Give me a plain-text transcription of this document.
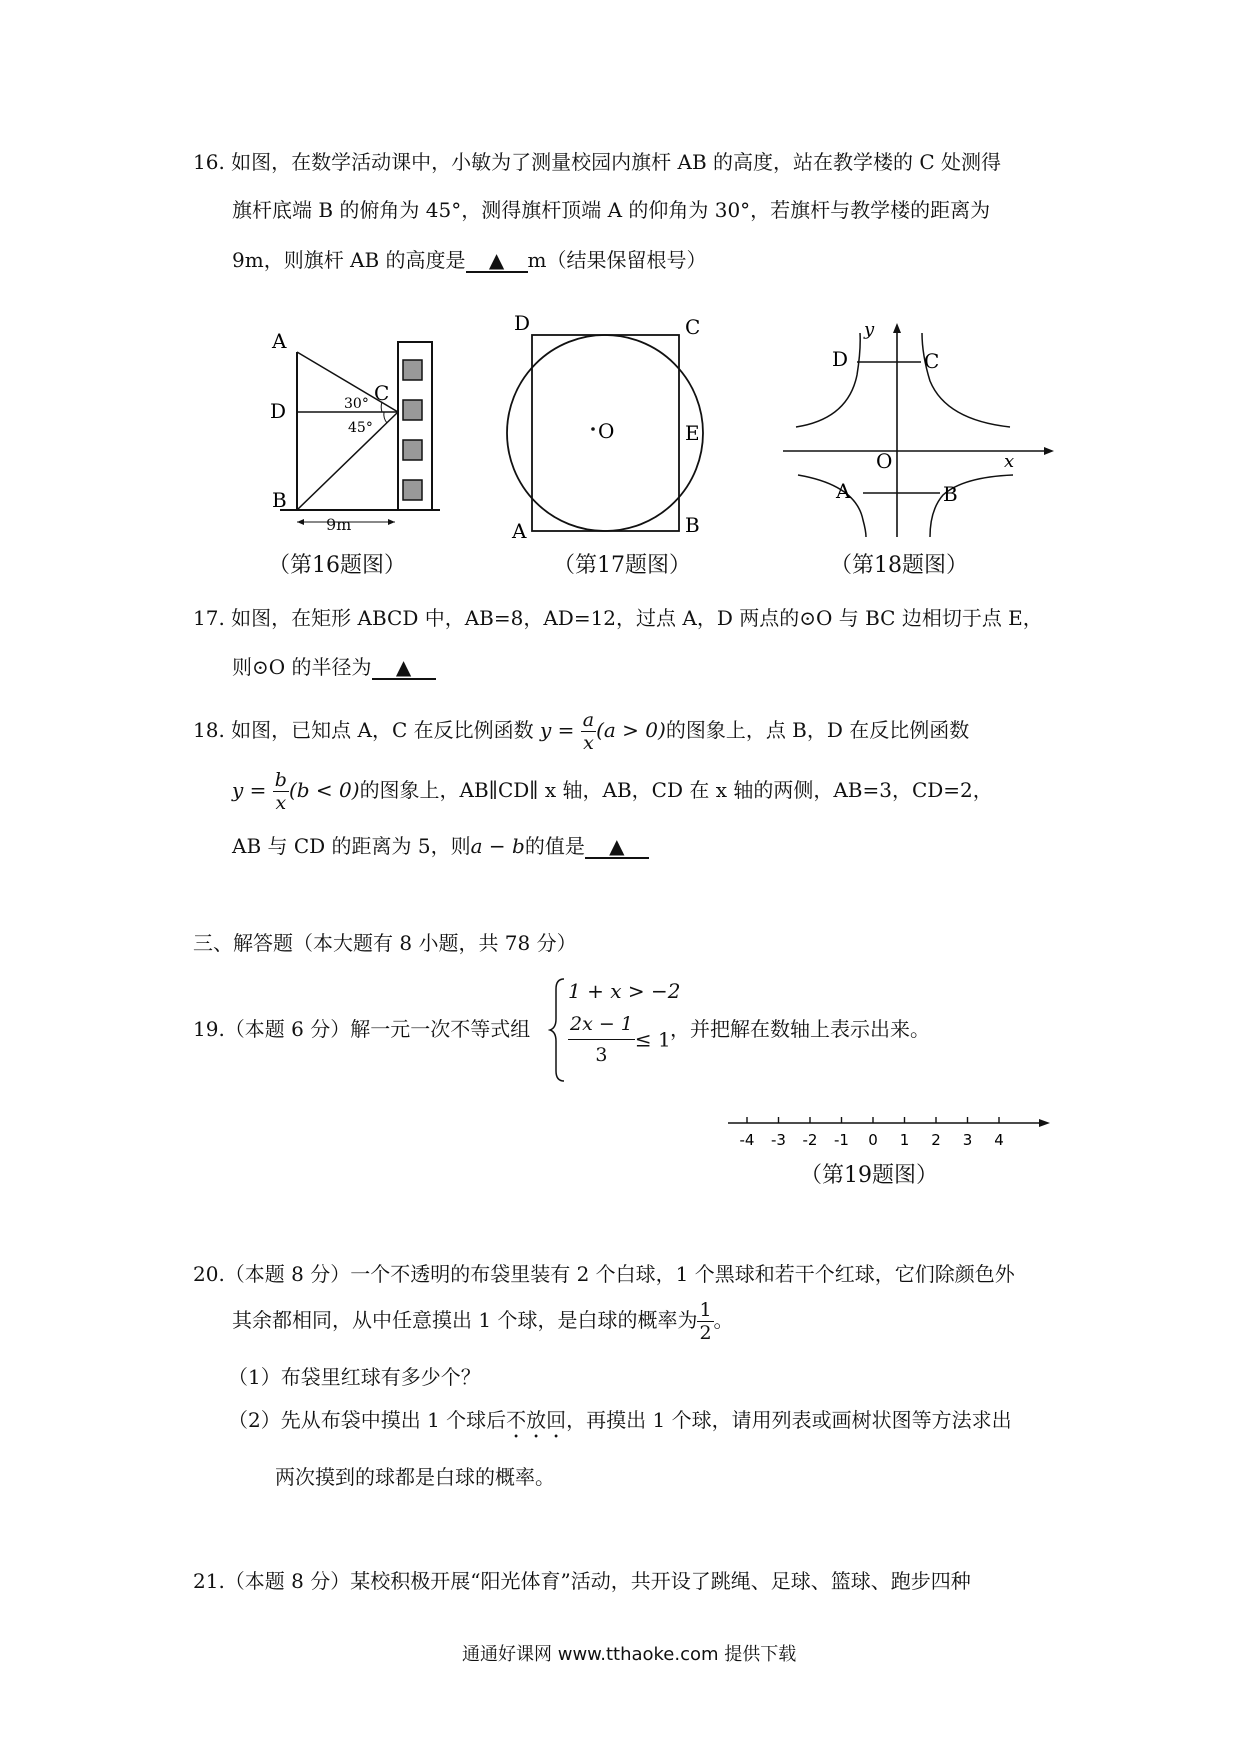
16. 如图，在数学活动课中，小敏为了测量校园内旗杆 AB 的高度，站在教学楼的 C 处测得
旗杆底端 B 的俯角为 45°，测得旗杆顶端 A 的仰角为 30°，若旗杆与教学楼的距离为
9m，则旗杆 AB 的高度是 ▲ m（结果保留根号）
A
D
B
C
30°
45°
9m
（第16题图）
D	C
O	E
A	B
（第17题图）
y
x
D	C
O
A	B
（第18题图）
17. 如图，在矩形 ABCD 中，AB=8，AD=12，过点 A，D 两点的⊙O 与 BC 边相切于点 E，
则⊙O 的半径为 ▲
18. 如图，已知点 A，C 在反比例函数 $y = \frac{a}{x} (a > 0)$的图象上，点 B，D 在反比例函数
$y = \frac{b}{x} (b < 0)$的图象上，AB∥CD∥ x 轴，AB，CD 在 x 轴的两侧，AB=3，CD=2，
AB 与 CD 的距离为 5，则a − b的值是 ▲
三、解答题（本大题有 8 小题，共 78 分）
19.（本题 6 分）解一元一次不等式组
1 + x > −2
$\frac{2x - 1}{3} \le 1$ ，并把解在数轴上表示出来。
-4 -3 -2 -1 0 1 2 3 4
（第19题图）
20.（本题 8 分）一个不透明的布袋里装有 2 个白球，1 个黑球和若干个红球，它们除颜色外
其余都相同，从中任意摸出 1 个球，是白球的概率为 $\frac{1}{2}$ 。
（1）布袋里红球有多少个？
（2）先从布袋中摸出 1 个球后不放回，再摸出 1 个球，请用列表或画树状图等方法求出
两次摸到的球都是白球的概率。
21.（本题 8 分）某校积极开展“阳光体育”活动，共开设了跳绳、足球、篮球、跑步四种
通通好课网 www.tthaoke.com 提供下载
